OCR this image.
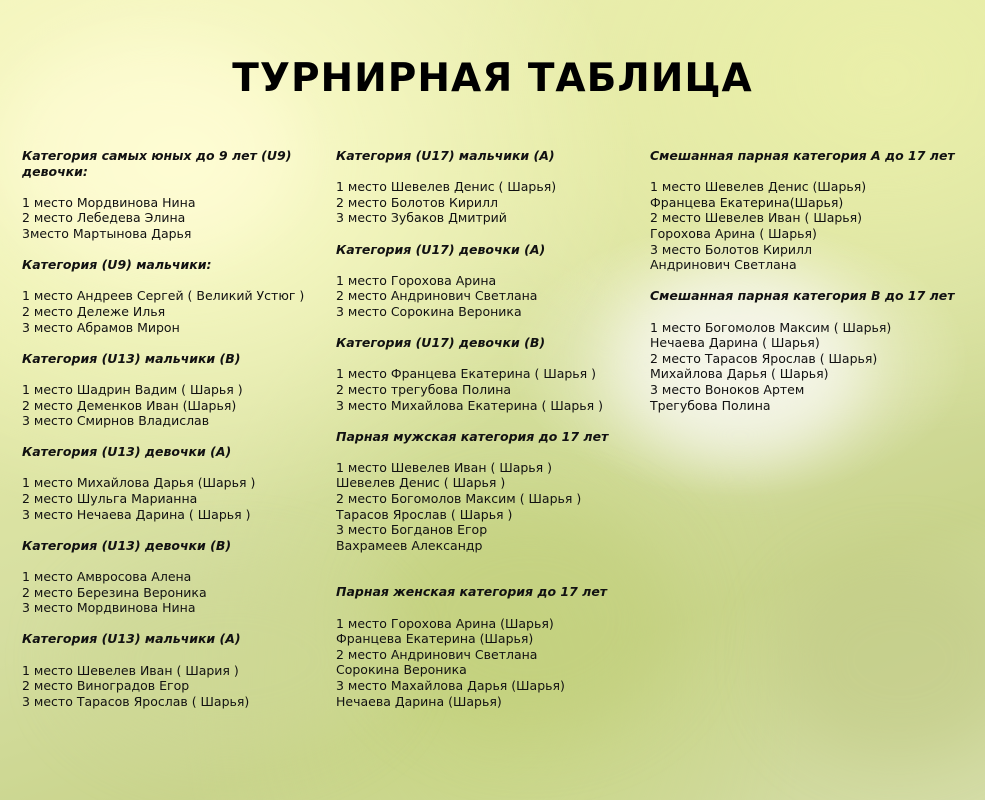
ТУРНИРНАЯ ТАБЛИЦА
Категория самых юных до 9 лет (U9)
девочки:
1 место Мордвинова Нина
2 место Лебедева Элина
3место Мартынова Дарья
Категория (U9) мальчики:
1 место Андреев Сергей ( Великий Устюг )
2 место Дележе Илья
3 место Абрамов Мирон
Категория (U13) мальчики (B)
1 место Шадрин Вадим ( Шарья )
2 место Деменков Иван (Шарья)
3 место Смирнов Владислав
Категория (U13) девочки (A)
1 место Михайлова Дарья (Шарья )
2 место Шульга Марианна
3 место Нечаева Дарина ( Шарья )
Категория (U13) девочки (B)
1 место Амвросова Алена
2 место Березина Вероника
3 место Мордвинова Нина
Категория (U13) мальчики (A)
1 место Шевелев Иван ( Шария )
2 место Виноградов Егор
3 место Тарасов Ярослав ( Шарья)
Категория (U17) мальчики (A)
1 место Шевелев Денис ( Шарья)
2 место Болотов Кирилл
3 место Зубаков Дмитрий
Категория (U17) девочки (A)
1 место Горохова Арина
2 место Андринович Светлана
3 место Сорокина Вероника
Категория (U17) девочки (B)
1 место Францева Екатерина ( Шарья )
2 место трегубова Полина
3 место Михайлова Екатерина ( Шарья )
Парная мужская категория до 17 лет
1 место Шевелев Иван ( Шарья )
Шевелев Денис ( Шарья )
2 место Богомолов Максим ( Шарья )
Тарасов Ярослав ( Шарья )
3 место Богданов Егор
Вахрамеев Александр
Парная женская категория до 17 лет
1 место Горохова Арина (Шарья)
Францева Екатерина (Шарья)
2 место Андринович Светлана
Сорокина Вероника
3 место Махайлова Дарья (Шарья)
Нечаева Дарина (Шарья)
Смешанная парная категория А до 17 лет
1 место Шевелев Денис (Шарья)
Францева Екатерина(Шарья)
2 место Шевелев Иван ( Шарья)
Горохова Арина ( Шарья)
3 место Болотов Кирилл
Андринович Светлана
Смешанная парная категория В до 17 лет
1 место Богомолов Максим ( Шарья)
Нечаева Дарина ( Шарья)
2 место Тарасов Ярослав ( Шарья)
Михайлова Дарья ( Шарья)
3 место Воноков Артем
Трегубова Полина
